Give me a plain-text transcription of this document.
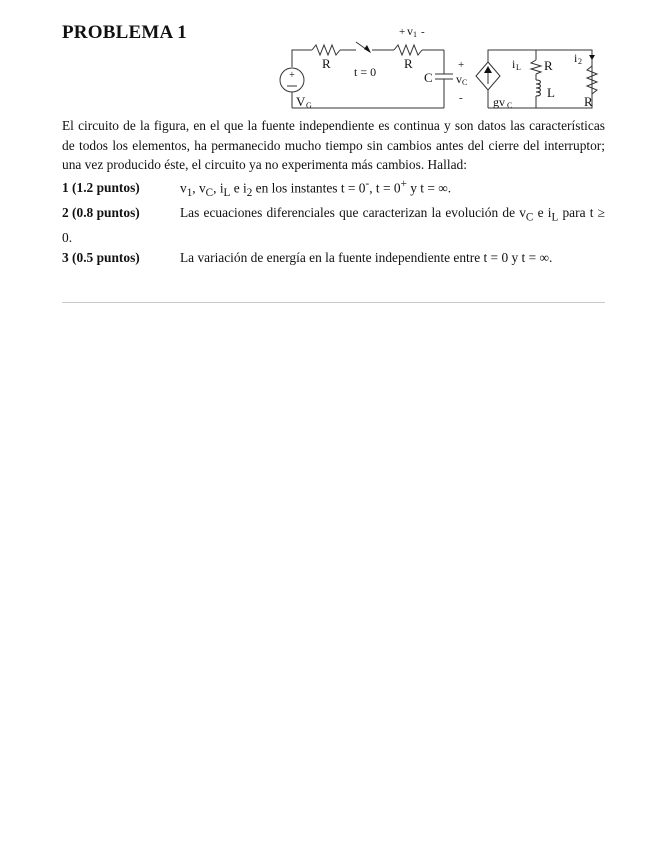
PROBLEMA 1
+
R
t = 0
R
+ v 1 -
C
+
v C
-
V G	gv C
i L R
L
i 2
R

El circuito de la figura, en el que la fuente independiente es continua y son datos las características de todos los elementos, ha permanecido mucho tiempo sin cambios antes del cierre del interruptor; una vez producido éste, el circuito ya no experimenta más cambios. Hallad:

1 (1.2 puntos)	$v_1$, $v_C$, $i_L$ e $i_2$ en los instantes t = 0-, t = 0+ y t = ∞.

2 (0.8 puntos)	Las ecuaciones diferenciales que caracterizan la evolución de $v_C$ e $i_L$ para t ≥ 0.

3 (0.5 puntos)	La variación de energía en la fuente independiente entre t = 0 y t = ∞.
